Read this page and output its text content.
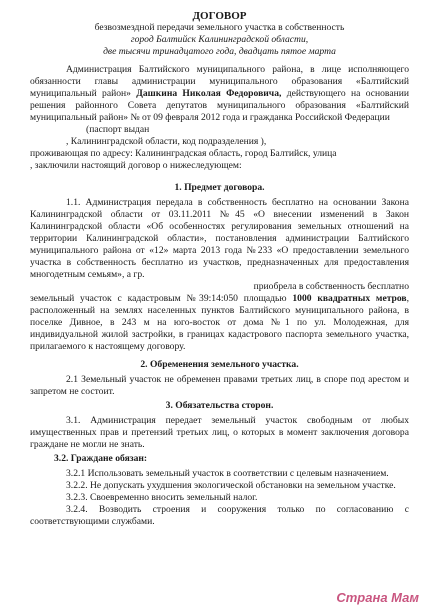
ДОГОВОР
безвозмездной передачи земельного участка в собственность
город Балтийск Калининградской области,
две тысячи тринадцатого года, двадцать пятое марта

Администрация Балтийского муниципального района, в лице исполняющего обязанности главы администрации муниципального образования «Балтийский муниципальный район» Дашкина Николая Федоровича, действующего на основании решения районного Совета депутатов муниципального образования «Балтийский муниципальный район» № от 09 февраля 2012 года и гражданка Российской Федерации

(паспорт выдан

, Калининградской области, код подразделения ),

проживающая по адресу: Калининградская область, город Балтийск, улица

, заключили настоящий договор о нижеследующем:

1. Предмет договора.

1.1. Администрация передала в собственность бесплатно на основании Закона Калининградской области от 03.11.2011 №45 «О внесении изменений в Закон Калининградской области «Об особенностях регулирования земельных отношений на территории Калининградской области», постановления администрации Балтийского муниципального района от «12» марта 2013 года №233 «О предоставлении земельного участка в собственность бесплатно из участков, предназначенных для предоставления многодетным семьям», а гр.

приобрела в собственность бесплатно

земельный участок с кадастровым №39:14:050 площадью 1000 квадратных метров, расположенный на землях населенных пунктов Балтийского муниципального района, в поселке Дивное, в 243 м на юго-восток от дома №1 по ул. Молодежная, для индивидуальной жилой застройки, в границах кадастрового паспорта земельного участка, прилагаемого к настоящему договору.

2. Обременения земельного участка.

2.1 Земельный участок не обременен правами третьих лиц, в споре под арестом и запретом не состоит.

3. Обязательства сторон.

3.1. Администрация передает земельный участок свободным от любых имущественных прав и претензий третьих лиц, о которых в момент заключения договора граждане не могли не знать.

3.2. Граждане обязан:

3.2.1 Использовать земельный участок в соответствии с целевым назначением.

3.2.2. Не допускать ухудшения экологической обстановки на земельном участке.

3.2.3. Своевременно вносить земельный налог.

3.2.4. Возводить строения и сооружения только по согласованию с соответствующими службами.

Страна Мам
